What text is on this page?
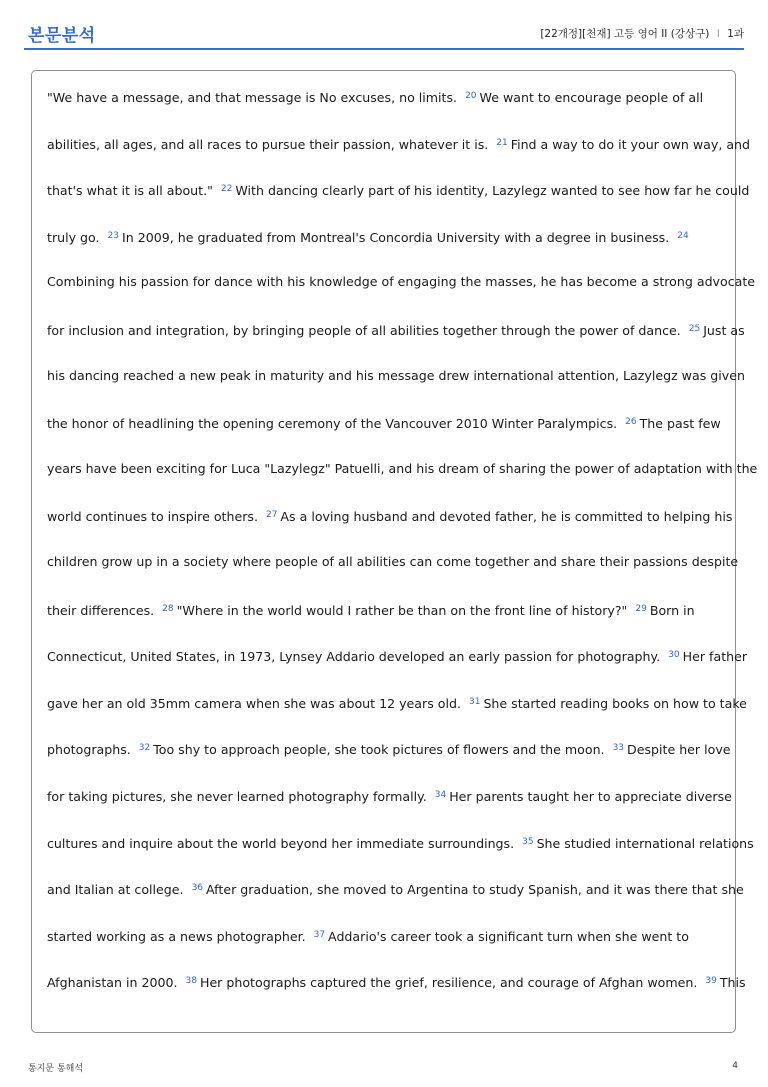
본문분석	[22개정][천재] 고등 영어 II (강상구) I 1과
"We have a message, and that message is No excuses, no limits. $^{20}$ We want to encourage people of all
abilities, all ages, and all races to pursue their passion, whatever it is. $^{21}$ Find a way to do it your own way, and
that's what it is all about." $^{22}$ With dancing clearly part of his identity, Lazylegz wanted to see how far he could
truly go. $^{23}$ In 2009, he graduated from Montreal's Concordia University with a degree in business. $^{24}$
Combining his passion for dance with his knowledge of engaging the masses, he has become a strong advocate
for inclusion and integration, by bringing people of all abilities together through the power of dance. $^{25}$ Just as
his dancing reached a new peak in maturity and his message drew international attention, Lazylegz was given
the honor of headlining the opening ceremony of the Vancouver 2010 Winter Paralympics. $^{26}$ The past few
years have been exciting for Luca "Lazylegz" Patuelli, and his dream of sharing the power of adaptation with the
world continues to inspire others. $^{27}$ As a loving husband and devoted father, he is committed to helping his
children grow up in a society where people of all abilities can come together and share their passions despite
their differences. $^{28}$ "Where in the world would I rather be than on the front line of history?" $^{29}$ Born in
Connecticut, United States, in 1973, Lynsey Addario developed an early passion for photography. $^{30}$ Her father
gave her an old 35mm camera when she was about 12 years old. $^{31}$ She started reading books on how to take
photographs. $^{32}$ Too shy to approach people, she took pictures of flowers and the moon. $^{33}$ Despite her love
for taking pictures, she never learned photography formally. $^{34}$ Her parents taught her to appreciate diverse
cultures and inquire about the world beyond her immediate surroundings. $^{35}$ She studied international relations
and Italian at college. $^{36}$ After graduation, she moved to Argentina to study Spanish, and it was there that she
started working as a news photographer. $^{37}$ Addario's career took a significant turn when she went to
Afghanistan in 2000. $^{38}$ Her photographs captured the grief, resilience, and courage of Afghan women. $^{39}$ This
통지문 통해석	4
